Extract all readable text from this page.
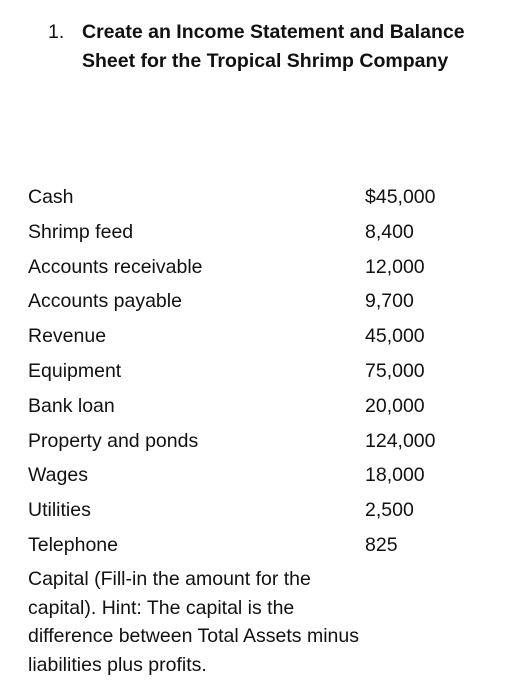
1. Create an Income Statement and Balance Sheet for the Tropical Shrimp Company
Cash	$45,000
Shrimp feed	8,400
Accounts receivable	12,000
Accounts payable	9,700
Revenue	45,000
Equipment	75,000
Bank loan	20,000
Property and ponds	124,000
Wages	18,000
Utilities	2,500
Telephone	825
Capital (Fill-in the amount for the capital). Hint: The capital is the difference between Total Assets minus liabilities plus profits.
